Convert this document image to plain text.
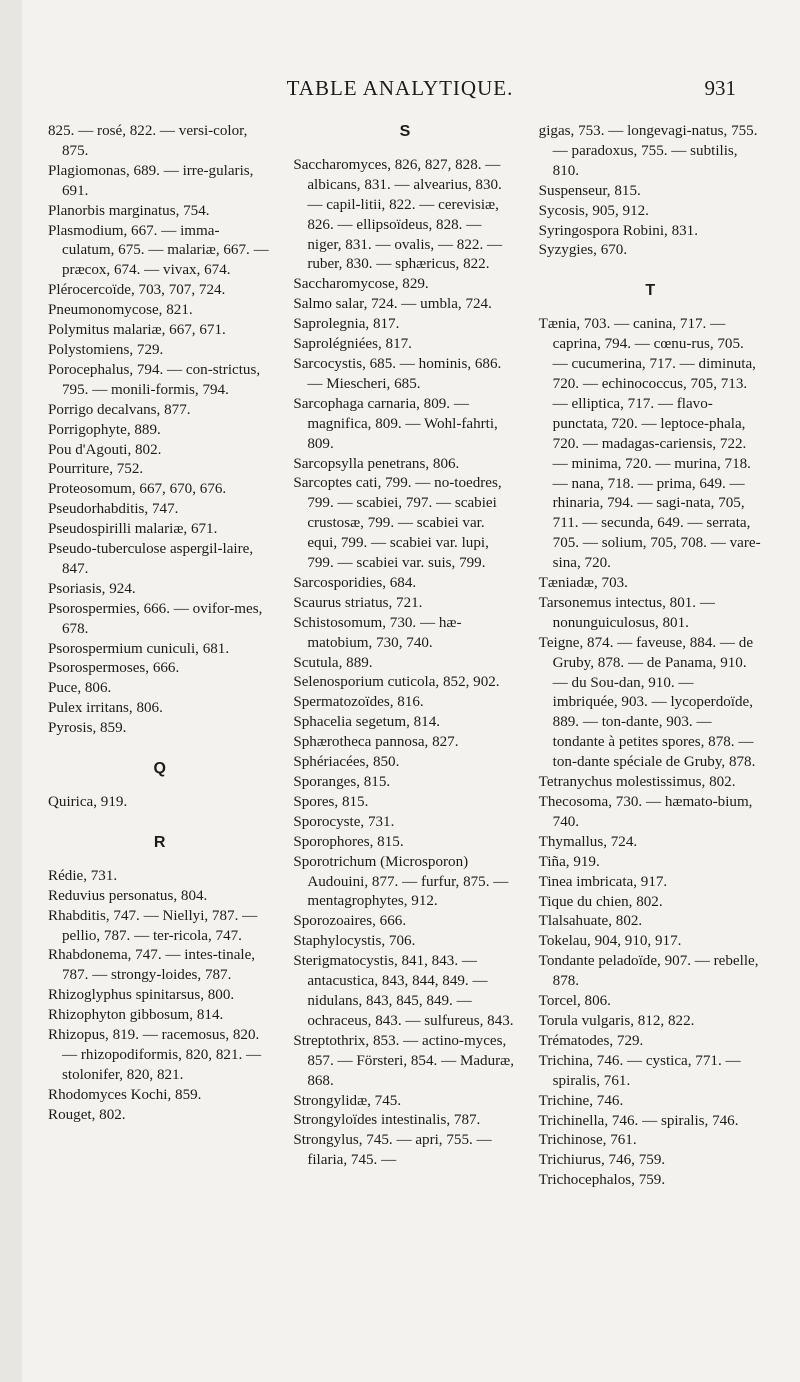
TABLE ANALYTIQUE.	931
825. — rosé, 822. — versi-color, 875.
Plagiomonas, 689. — irre-gularis, 691.
Planorbis marginatus, 754.
Plasmodium, 667. — imma-culatum, 675. — malariæ, 667. — præcox, 674. — vivax, 674.
Plérocercoïde, 703, 707, 724.
Pneumonomycose, 821.
Polymitus malariæ, 667, 671.
Polystomiens, 729.
Porocephalus, 794. — con-strictus, 795. — monili-formis, 794.
Porrigo decalvans, 877.
Porrigophyte, 889.
Pou d'Agouti, 802.
Pourriture, 752.
Proteosomum, 667, 670, 676.
Pseudorhabditis, 747.
Pseudospirilli malariæ, 671.
Pseudo-tuberculose aspergil-laire, 847.
Psoriasis, 924.
Psorospermies, 666. — ovifor-mes, 678.
Psorospermium cuniculi, 681.
Psorospermoses, 666.
Puce, 806.
Pulex irritans, 806.
Pyrosis, 859.
Q
Quirica, 919.
R
Rédie, 731.
Reduvius personatus, 804.
Rhabditis, 747. — Niellyi, 787. — pellio, 787. — ter-ricola, 747.
Rhabdonema, 747. — intes-tinale, 787. — strongy-loides, 787.
Rhizoglyphus spinitarsus, 800.
Rhizophyton gibbosum, 814.
Rhizopus, 819. — racemosus, 820. — rhizopodiformis, 820, 821. — stolonifer, 820, 821.
Rhodomyces Kochi, 859.
Rouget, 802.
S
Saccharomyces, 826, 827, 828. — albicans, 831. — alvearius, 830. — capil-litii, 822. — cerevisiæ, 826. — ellipsoïdeus, 828. — niger, 831. — ovalis, — 822. — ruber, 830. — sphæricus, 822.
Saccharomycose, 829.
Salmo salar, 724. — umbla, 724.
Saprolegnia, 817.
Saprolégniées, 817.
Sarcocystis, 685. — hominis, 686. — Miescheri, 685.
Sarcophaga carnaria, 809. — magnifica, 809. — Wohl-fahrti, 809.
Sarcopsylla penetrans, 806.
Sarcoptes cati, 799. — no-toedres, 799. — scabiei, 797. — scabiei crustosæ, 799. — scabiei var. equi, 799. — scabiei var. lupi, 799. — scabiei var. suis, 799.
Sarcosporidies, 684.
Scaurus striatus, 721.
Schistosomum, 730. — hæ-matobium, 730, 740.
Scutula, 889.
Selenosporium cuticola, 852, 902.
Spermatozoïdes, 816.
Sphacelia segetum, 814.
Sphærotheca pannosa, 827.
Sphériacées, 850.
Sporanges, 815.
Spores, 815.
Sporocyste, 731.
Sporophores, 815.
Sporotrichum (Microsporon) Audouini, 877. — furfur, 875. — mentagrophytes, 912.
Sporozoaires, 666.
Staphylocystis, 706.
Sterigmatocystis, 841, 843. — antacustica, 843, 844, 849. — nidulans, 843, 845, 849. — ochraceus, 843. — sulfureus, 843.
Streptothrix, 853. — actino-myces, 857. — Försteri, 854. — Maduræ, 868.
Strongylidæ, 745.
Strongyloïdes intestinalis, 787.
Strongylus, 745. — apri, 755. — filaria, 745. —
gigas, 753. — longevagi-natus, 755. — paradoxus, 755. — subtilis, 810.
Suspenseur, 815.
Sycosis, 905, 912.
Syringospora Robini, 831.
Syzygies, 670.
T
Tænia, 703. — canina, 717. — caprina, 794. — cœnu-rus, 705. — cucumerina, 717. — diminuta, 720. — echinococcus, 705, 713. — elliptica, 717. — flavo-punctata, 720. — leptoce-phala, 720. — madagas-cariensis, 722. — minima, 720. — murina, 718. — nana, 718. — prima, 649. — rhinaria, 794. — sagi-nata, 705, 711. — secunda, 649. — serrata, 705. — solium, 705, 708. — vare-sina, 720.
Tæniadæ, 703.
Tarsonemus intectus, 801. — nonunguiculosus, 801.
Teigne, 874. — faveuse, 884. — de Gruby, 878. — de Panama, 910. — du Sou-dan, 910. — imbriquée, 903. — lycoperdoïde, 889. — ton-dante, 903. — tondante à petites spores, 878. — ton-dante spéciale de Gruby, 878.
Tetranychus molestissimus, 802.
Thecosoma, 730. — hæmato-bium, 740.
Thymallus, 724.
Tiña, 919.
Tinea imbricata, 917.
Tique du chien, 802.
Tlalsahuate, 802.
Tokelau, 904, 910, 917.
Tondante peladoïde, 907. — rebelle, 878.
Torcel, 806.
Torula vulgaris, 812, 822.
Trématodes, 729.
Trichina, 746. — cystica, 771. — spiralis, 761.
Trichine, 746.
Trichinella, 746. — spiralis, 746.
Trichinose, 761.
Trichiurus, 746, 759.
Trichocephalos, 759.
